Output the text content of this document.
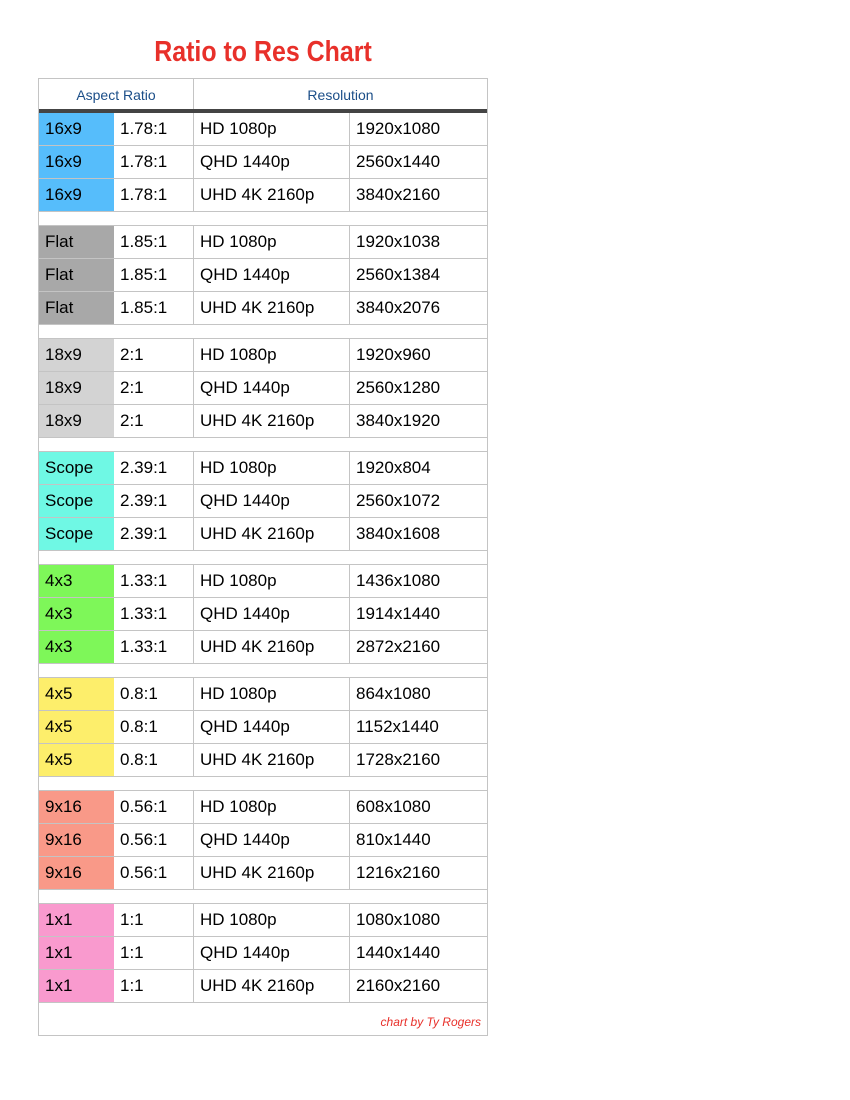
Ratio to Res Chart
Aspect Ratio	Resolution
16x9	1.78:1	HD 1080p	1920x1080
16x9	1.78:1	QHD 1440p	2560x1440
16x9	1.78:1	UHD 4K 2160p	3840x2160
Flat	1.85:1	HD 1080p	1920x1038
Flat	1.85:1	QHD 1440p	2560x1384
Flat	1.85:1	UHD 4K 2160p	3840x2076
18x9	2:1	HD 1080p	1920x960
18x9	2:1	QHD 1440p	2560x1280
18x9	2:1	UHD 4K 2160p	3840x1920
Scope	2.39:1	HD 1080p	1920x804
Scope	2.39:1	QHD 1440p	2560x1072
Scope	2.39:1	UHD 4K 2160p	3840x1608
4x3	1.33:1	HD 1080p	1436x1080
4x3	1.33:1	QHD 1440p	1914x1440
4x3	1.33:1	UHD 4K 2160p	2872x2160
4x5	0.8:1	HD 1080p	864x1080
4x5	0.8:1	QHD 1440p	1152x1440
4x5	0.8:1	UHD 4K 2160p	1728x2160
9x16	0.56:1	HD 1080p	608x1080
9x16	0.56:1	QHD 1440p	810x1440
9x16	0.56:1	UHD 4K 2160p	1216x2160
1x1	1:1	HD 1080p	1080x1080
1x1	1:1	QHD 1440p	1440x1440
1x1	1:1	UHD 4K 2160p	2160x2160
chart by Ty Rogers
